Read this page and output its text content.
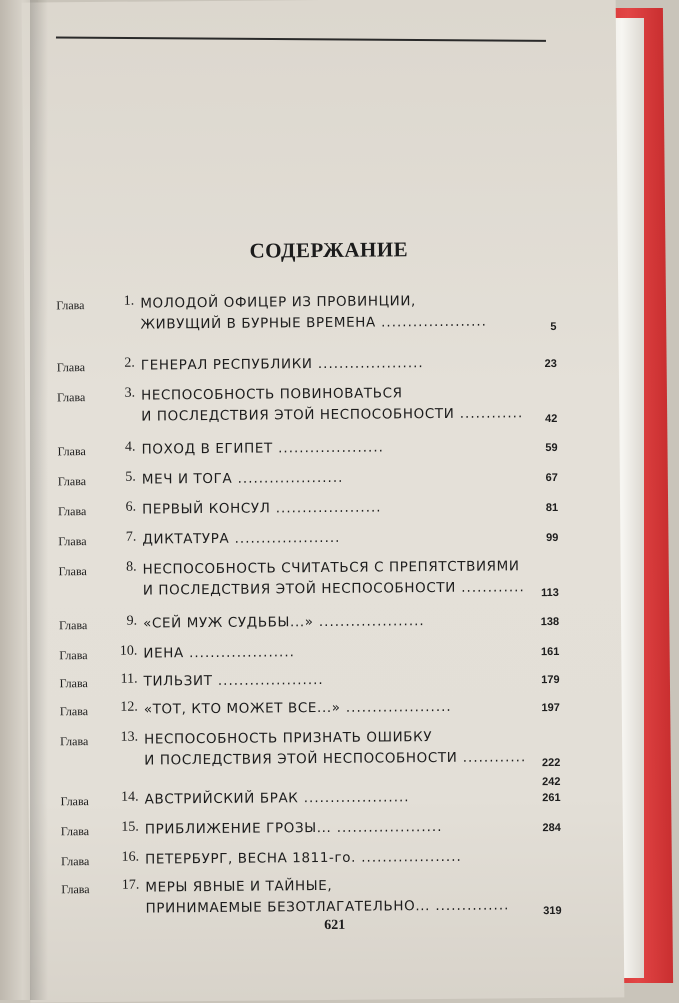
СОДЕРЖАНИЕ
Глава	1. МОЛОДОЙ ОФИЦЕР ИЗ ПРОВИНЦИИ,
ЖИВУЩИЙ В БУРНЫЕ ВРЕМЕНА ....................	5
Глава	2. ГЕНЕРАЛ РЕСПУБЛИКИ ....................	23
Глава	3. НЕСПОСОБНОСТЬ ПОВИНОВАТЬСЯ
И ПОСЛЕДСТВИЯ ЭТОЙ НЕСПОСОБНОСТИ ............	42
Глава	4. ПОХОД В ЕГИПЕТ ....................	59
Глава	5. МЕЧ И ТОГА ....................	67
Глава	6. ПЕРВЫЙ КОНСУЛ ....................	81
Глава	7. ДИКТАТУРА ....................	99
Глава	8. НЕСПОСОБНОСТЬ СЧИТАТЬСЯ С ПРЕПЯТСТВИЯМИ
И ПОСЛЕДСТВИЯ ЭТОЙ НЕСПОСОБНОСТИ ............	113
Глава	9. «СЕЙ МУЖ СУДЬБЫ...» ....................	138
Глава	10. ИЕНА ....................	161
Глава	11. ТИЛЬЗИТ ....................	179
Глава	12. «ТОТ, КТО МОЖЕТ ВСЕ...» ....................	197
Глава	13. НЕСПОСОБНОСТЬ ПРИЗНАТЬ ОШИБКУ
И ПОСЛЕДСТВИЯ ЭТОЙ НЕСПОСОБНОСТИ ............	222
242
Глава	14. АВСТРИЙСКИЙ БРАК ....................	261
Глава	15. ПРИБЛИЖЕНИЕ ГРОЗЫ... ....................	284
Глава	16. ПЕТЕРБУРГ, ВЕСНА 1811-го. ...................
Глава	17. МЕРЫ ЯВНЫЕ И ТАЙНЫЕ,
ПРИНИМАЕМЫЕ БЕЗОТЛАГАТЕЛЬНО... ..............	319
621
